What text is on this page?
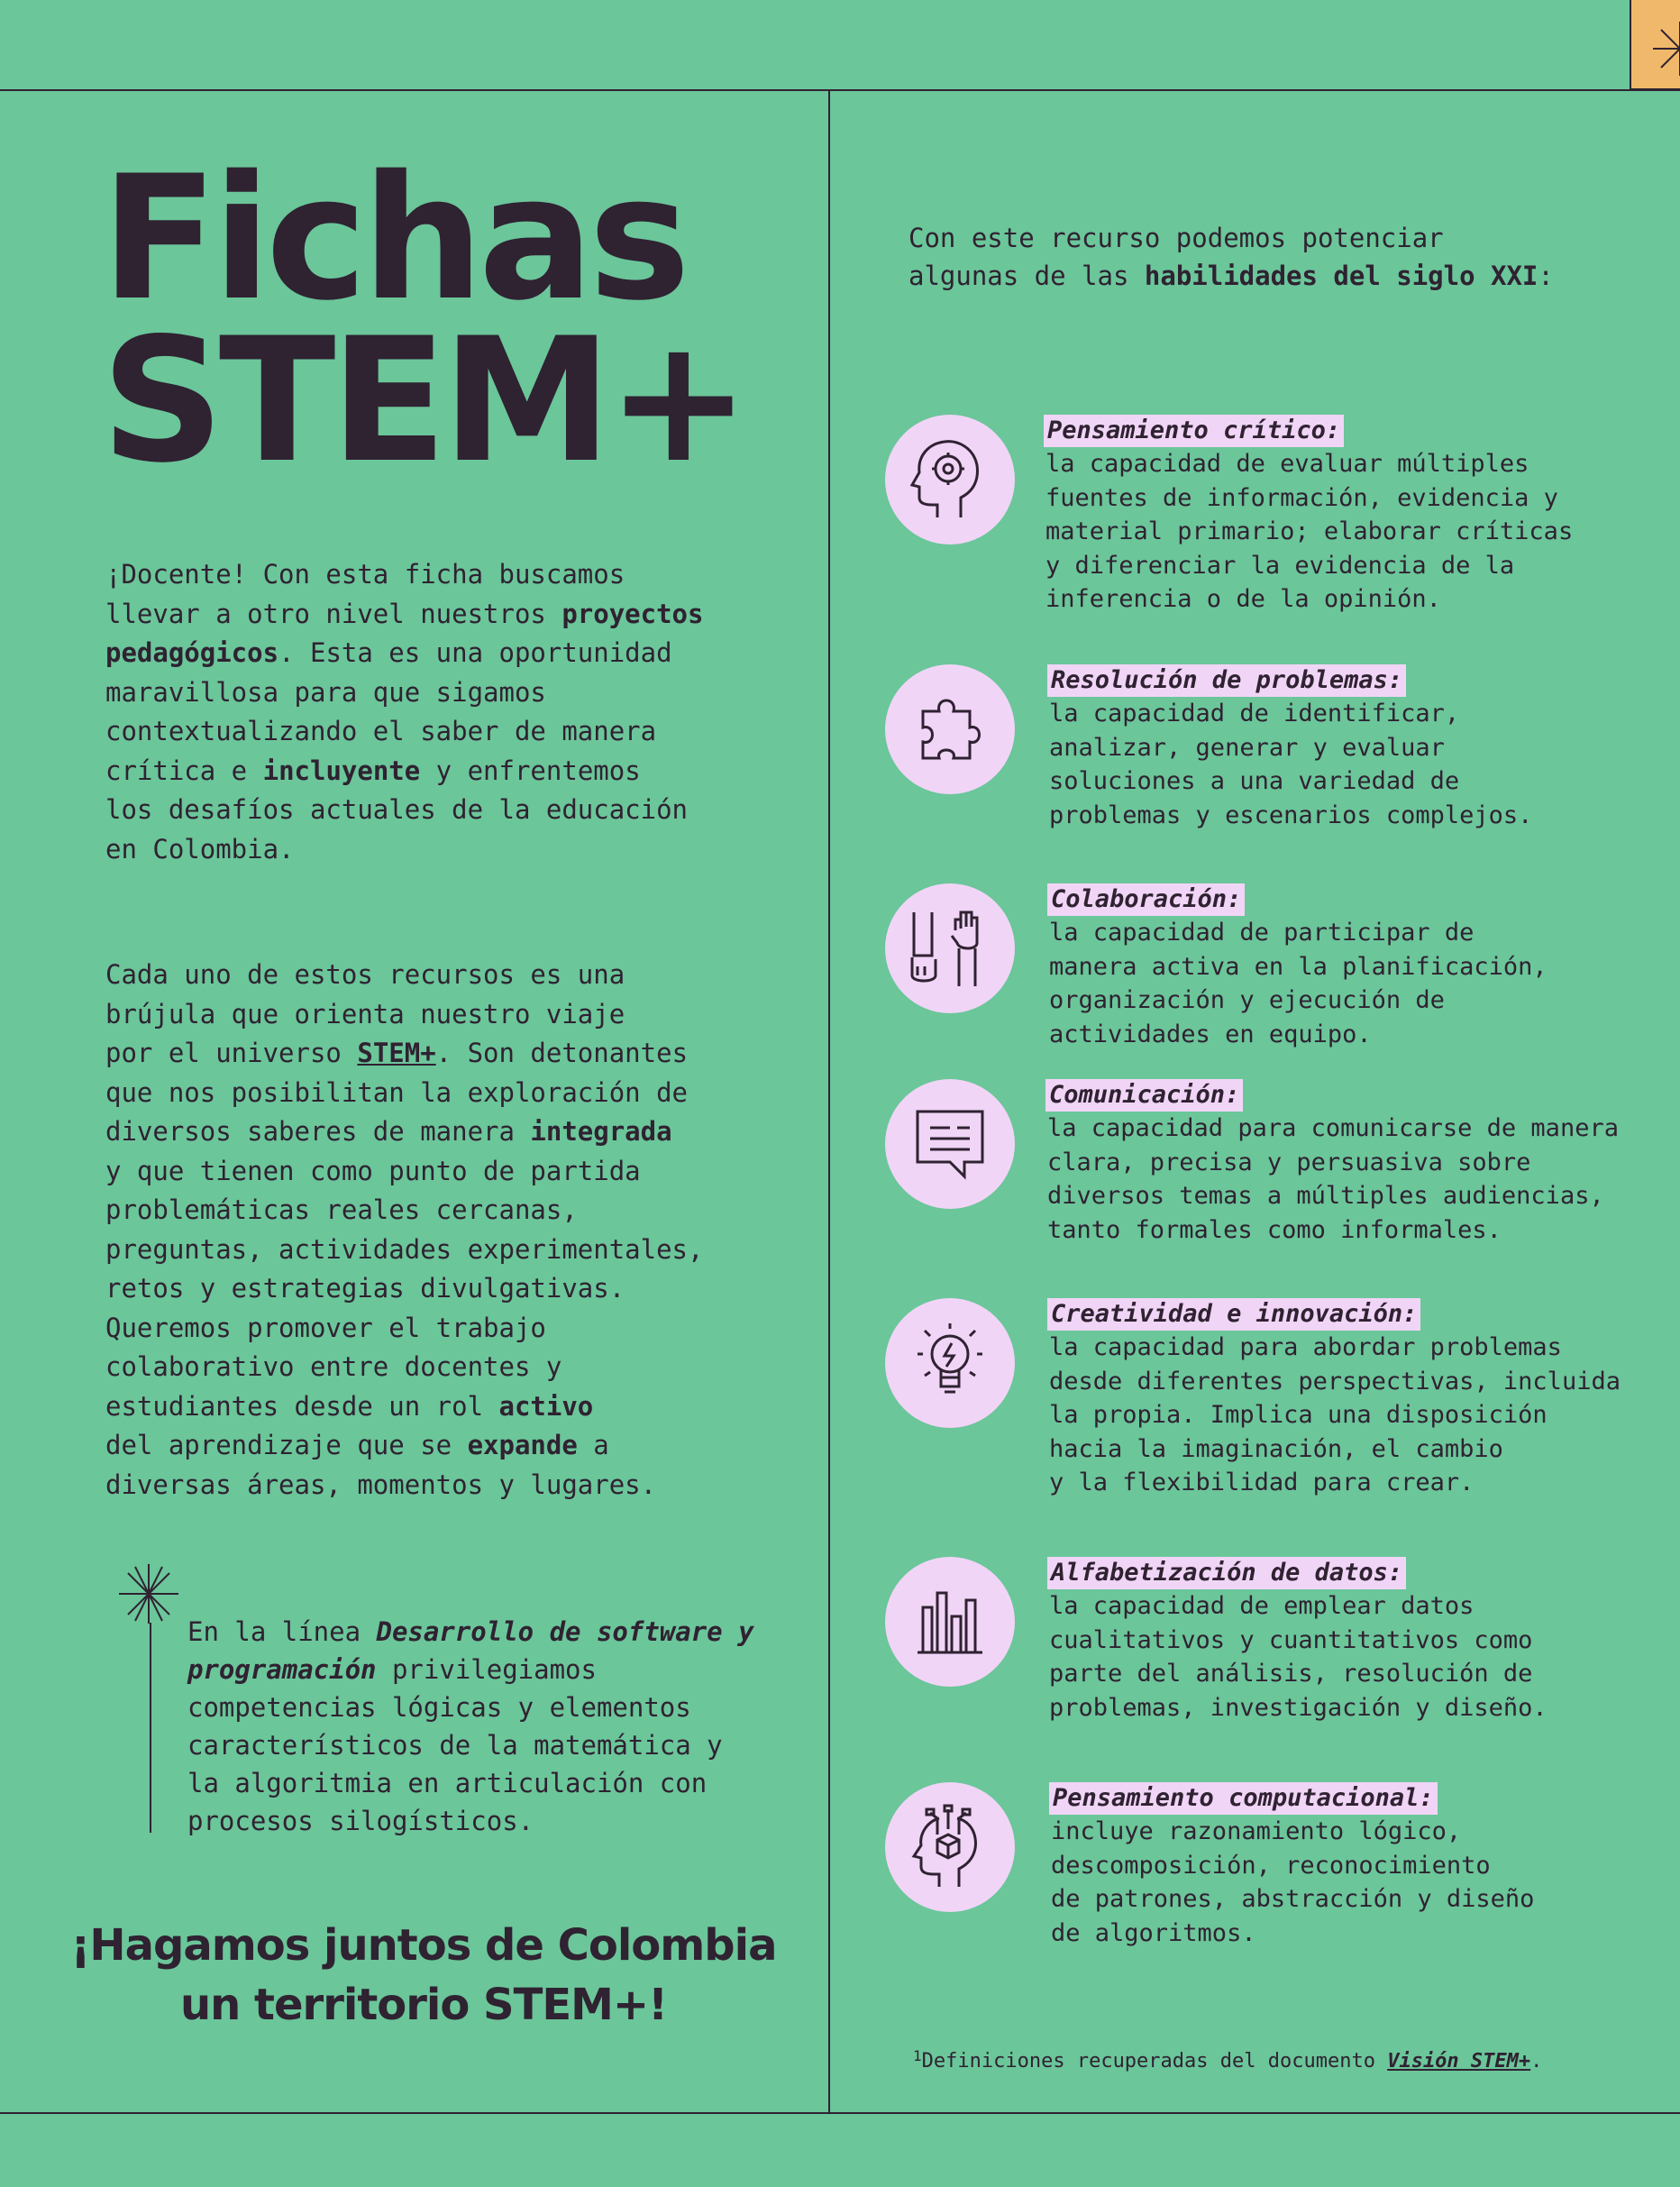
Fichas
STEM+

¡Docente! Con esta ficha buscamos
llevar a otro nivel nuestros proyectos
pedagógicos. Esta es una oportunidad
maravillosa para que sigamos
contextualizando el saber de manera
crítica e incluyente y enfrentemos
los desafíos actuales de la educación
en Colombia.

Cada uno de estos recursos es una
brújula que orienta nuestro viaje
por el universo STEM+. Son detonantes
que nos posibilitan la exploración de
diversos saberes de manera integrada
y que tienen como punto de partida
problemáticas reales cercanas,
preguntas, actividades experimentales,
retos y estrategias divulgativas.
Queremos promover el trabajo
colaborativo entre docentes y
estudiantes desde un rol activo
del aprendizaje que se expande a
diversas áreas, momentos y lugares.

En la línea Desarrollo de software y programación privilegiamos competencias lógicas y elementos característicos de la matemática y la algoritmia en articulación con procesos silogísticos.

¡Hagamos juntos de Colombia
un territorio STEM+!

Con este recurso podemos potenciar
algunas de las habilidades del siglo XXI:

Pensamiento crítico:
la capacidad de evaluar múltiples
fuentes de información, evidencia y
material primario; elaborar críticas
y diferenciar la evidencia de la
inferencia o de la opinión.
Resolución de problemas:
la capacidad de identificar,
analizar, generar y evaluar
soluciones a una variedad de
problemas y escenarios complejos.
Colaboración:
la capacidad de participar de
manera activa en la planificación,
organización y ejecución de
actividades en equipo.
Comunicación:
la capacidad para comunicarse de manera
clara, precisa y persuasiva sobre
diversos temas a múltiples audiencias,
tanto formales como informales.
Creatividad e innovación:
la capacidad para abordar problemas
desde diferentes perspectivas, incluida
la propia. Implica una disposición
hacia la imaginación, el cambio
y la flexibilidad para crear.
Alfabetización de datos:
la capacidad de emplear datos
cualitativos y cuantitativos como
parte del análisis, resolución de
problemas, investigación y diseño.
Pensamiento computacional:
incluye razonamiento lógico,
descomposición, reconocimiento
de patrones, abstracción y diseño
de algoritmos.

$^1$Definiciones recuperadas del documento Visión STEM+.
